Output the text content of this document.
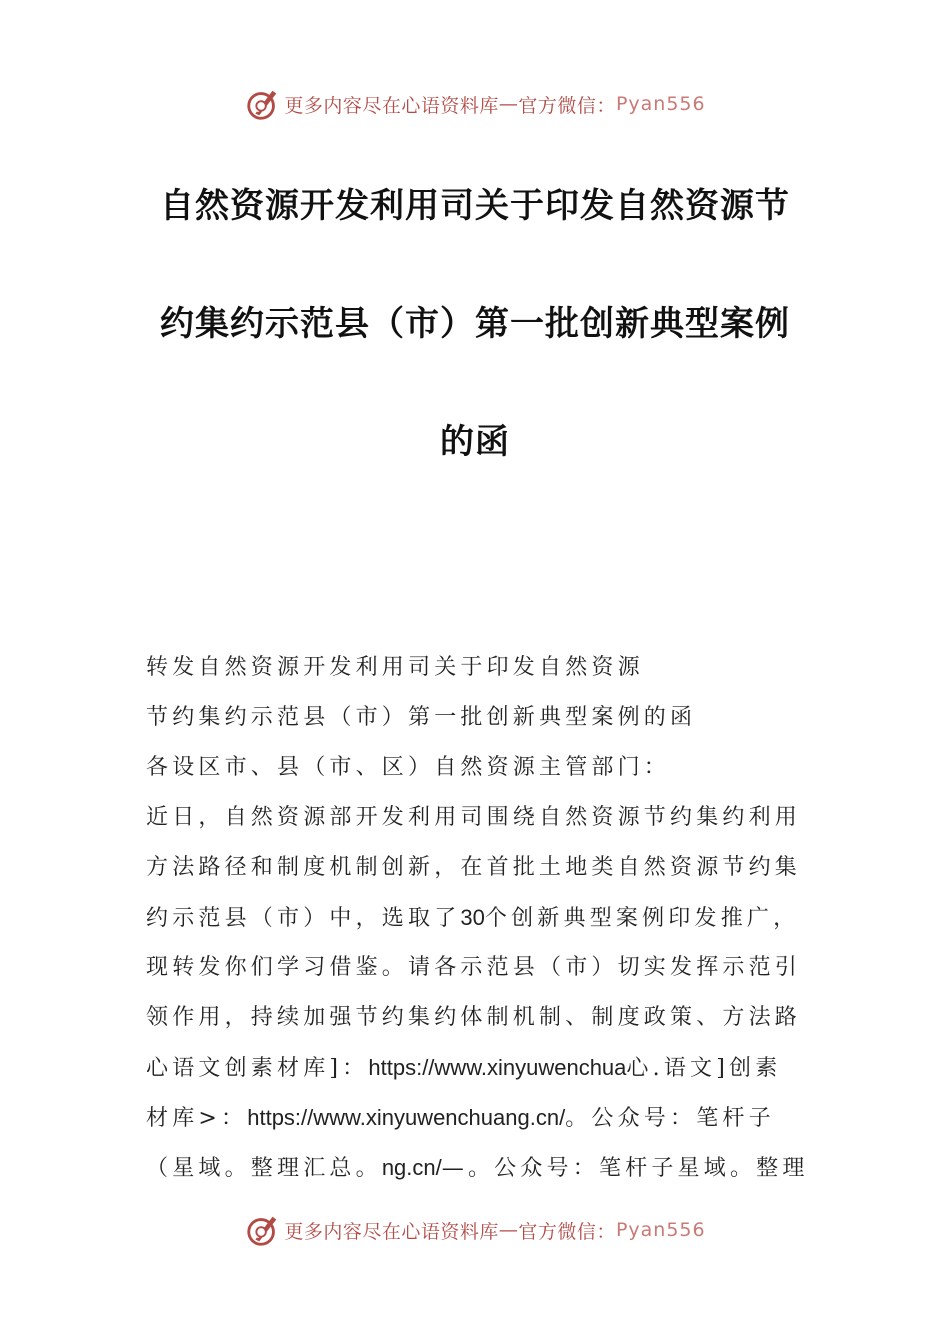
更多内容尽在心语资料库 — 官方微信： Pyan556
自然资源开发利用司关于印发自然资源节
约集约示范县（市）第一批创新典型案例
的函
转发自然资源开发利用司关于印发自然资源
节约集约示范县（市）第一批创新典型案例的函
各设区市、县（市、区）自然资源主管部门：
近日，自然资源部开发利用司围绕自然资源节约集约利用
方法路径和制度机制创新，在首批土地类自然资源节约集
约示范县（市）中，选取了30个创新典型案例印发推广，
现转发你们学习借鉴。请各示范县（市）切实发挥示范引
领作用，持续加强节约集约体制机制、制度政策、方法路
心语文创素材库]：https://www.xinyuwenchua心.语文]创素
材库>：https://www.xinyuwenchuang.cn/。公众号：笔杆子
（星域。整理汇总。ng.cn/—。公众号：笔杆子星域。整理
更多内容尽在心语资料库 — 官方微信： Pyan556
